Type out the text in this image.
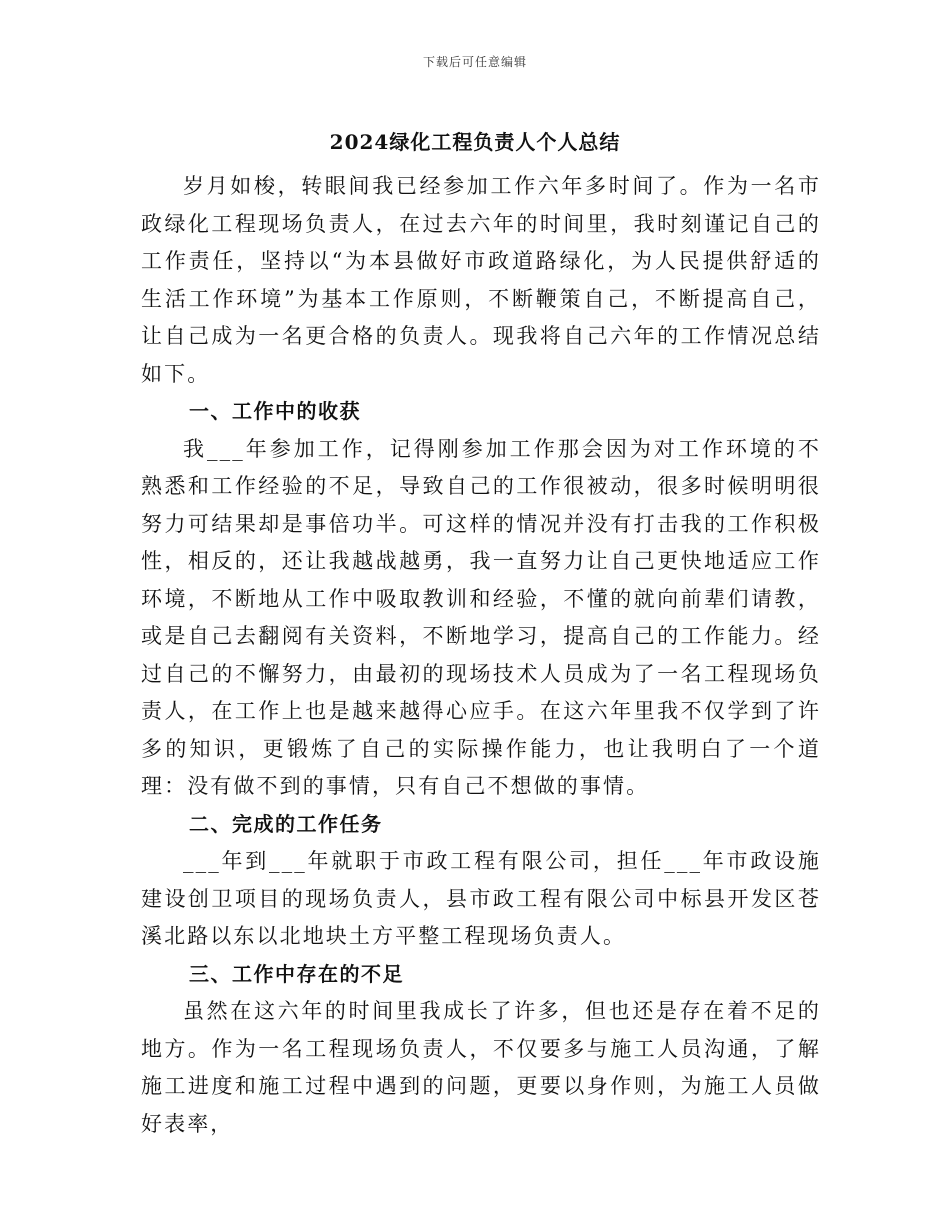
下载后可任意编辑
2024绿化工程负责人个人总结

岁月如梭，转眼间我已经参加工作六年多时间了。作为一名市政绿化工程现场负责人，在过去六年的时间里，我时刻谨记自己的工作责任，坚持以“为本县做好市政道路绿化，为人民提供舒适的生活工作环境”为基本工作原则，不断鞭策自己，不断提高自己，让自己成为一名更合格的负责人。现我将自己六年的工作情况总结如下。

一、工作中的收获

我___年参加工作，记得刚参加工作那会因为对工作环境的不熟悉和工作经验的不足，导致自己的工作很被动，很多时候明明很努力可结果却是事倍功半。可这样的情况并没有打击我的工作积极性，相反的，还让我越战越勇，我一直努力让自己更快地适应工作环境，不断地从工作中吸取教训和经验，不懂的就向前辈们请教，或是自己去翻阅有关资料，不断地学习，提高自己的工作能力。经过自己的不懈努力，由最初的现场技术人员成为了一名工程现场负责人，在工作上也是越来越得心应手。在这六年里我不仅学到了许多的知识，更锻炼了自己的实际操作能力，也让我明白了一个道理：没有做不到的事情，只有自己不想做的事情。

二、完成的工作任务

___年到___年就职于市政工程有限公司，担任___年市政设施建设创卫项目的现场负责人，县市政工程有限公司中标县开发区苍溪北路以东以北地块土方平整工程现场负责人。

三、工作中存在的不足

虽然在这六年的时间里我成长了许多，但也还是存在着不足的地方。作为一名工程现场负责人，不仅要多与施工人员沟通，了解施工进度和施工过程中遇到的问题，更要以身作则，为施工人员做好表率，
